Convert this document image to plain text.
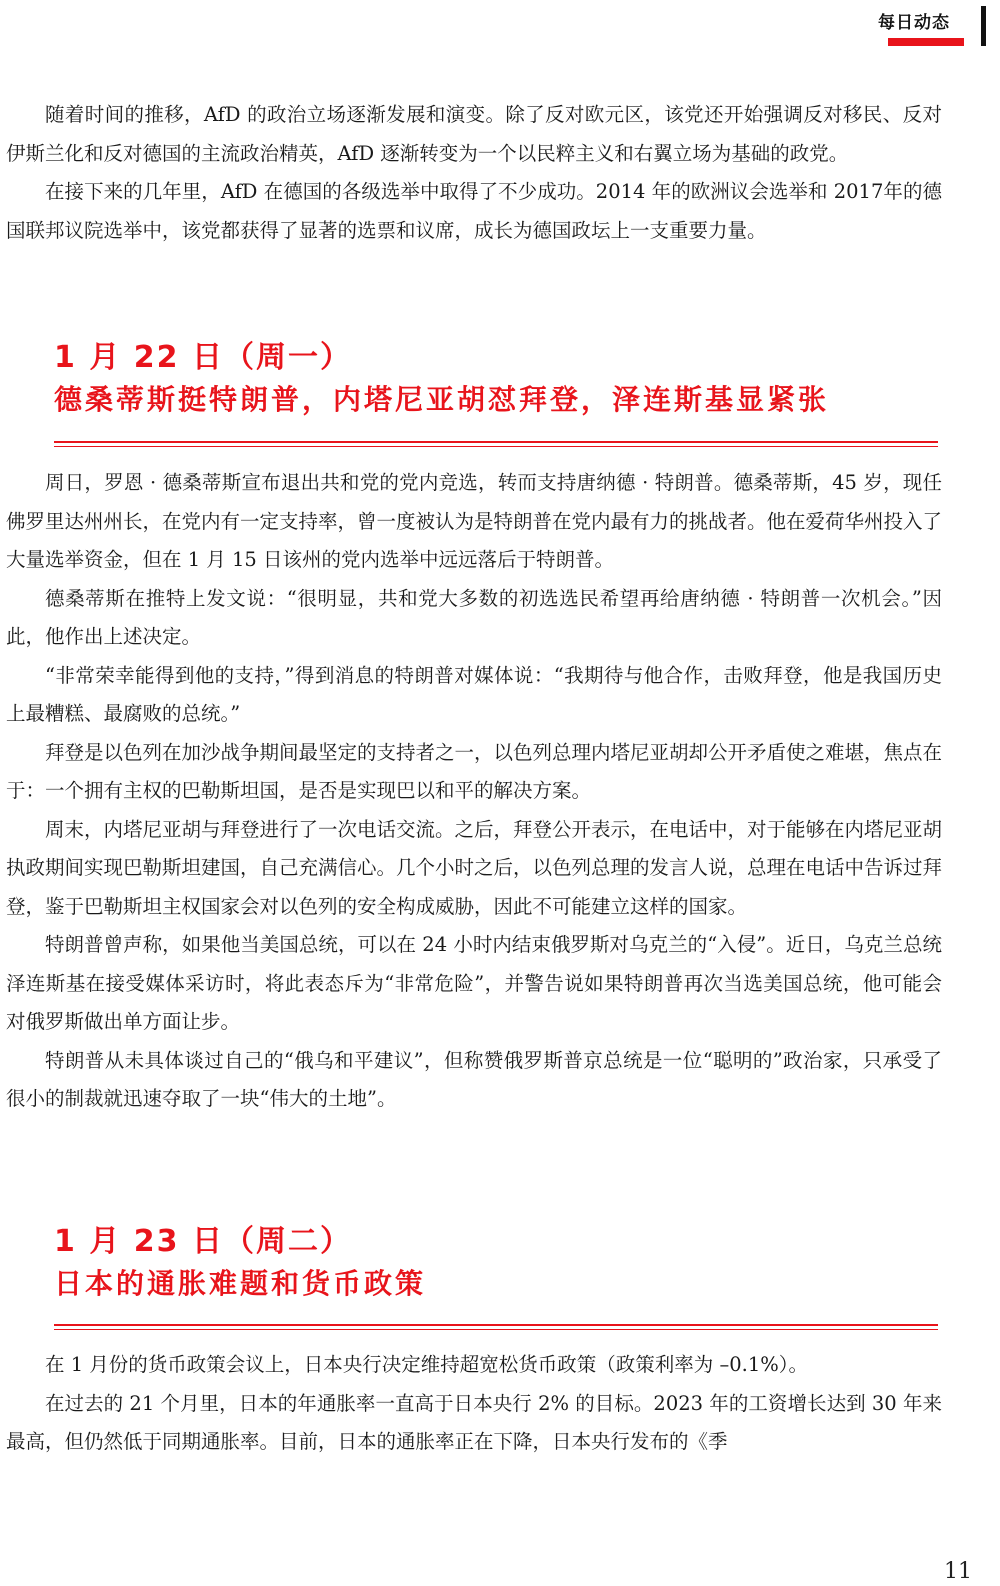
每日动态

随着时间的推移，AfD 的政治立场逐渐发展和演变。除了反对欧元区，该党还开始强调反对移民、反对伊斯兰化和反对德国的主流政治精英，AfD 逐渐转变为一个以民粹主义和右翼立场为基础的政党。

在接下来的几年里，AfD 在德国的各级选举中取得了不少成功。2014 年的欧洲议会选举和 2017年的德国联邦议院选举中，该党都获得了显著的选票和议席，成长为德国政坛上一支重要力量。

1 月 22 日（周一）
德桑蒂斯挺特朗普，内塔尼亚胡怼拜登，泽连斯基显紧张

周日，罗恩 · 德桑蒂斯宣布退出共和党的党内竞选，转而支持唐纳德 · 特朗普。德桑蒂斯，45 岁，现任佛罗里达州州长，在党内有一定支持率，曾一度被认为是特朗普在党内最有力的挑战者。他在爱荷华州投入了大量选举资金，但在 1 月 15 日该州的党内选举中远远落后于特朗普。

德桑蒂斯在推特上发文说：“很明显，共和党大多数的初选选民希望再给唐纳德 · 特朗普一次机会。”因此，他作出上述决定。

“非常荣幸能得到他的支持，”得到消息的特朗普对媒体说：“我期待与他合作，击败拜登，他是我国历史上最糟糕、最腐败的总统。”

拜登是以色列在加沙战争期间最坚定的支持者之一，以色列总理内塔尼亚胡却公开矛盾使之难堪，焦点在于：一个拥有主权的巴勒斯坦国，是否是实现巴以和平的解决方案。

周末，内塔尼亚胡与拜登进行了一次电话交流。之后，拜登公开表示，在电话中，对于能够在内塔尼亚胡执政期间实现巴勒斯坦建国，自己充满信心。几个小时之后，以色列总理的发言人说，总理在电话中告诉过拜登，鉴于巴勒斯坦主权国家会对以色列的安全构成威胁，因此不可能建立这样的国家。

特朗普曾声称，如果他当美国总统，可以在 24 小时内结束俄罗斯对乌克兰的“入侵”。近日，乌克兰总统泽连斯基在接受媒体采访时，将此表态斥为“非常危险”，并警告说如果特朗普再次当选美国总统，他可能会对俄罗斯做出单方面让步。

特朗普从未具体谈过自己的“俄乌和平建议”，但称赞俄罗斯普京总统是一位“聪明的”政治家，只承受了很小的制裁就迅速夺取了一块“伟大的土地”。

1 月 23 日（周二）
日本的通胀难题和货币政策

在 1 月份的货币政策会议上，日本央行决定维持超宽松货币政策（政策利率为 –0.1%）。

在过去的 21 个月里，日本的年通胀率一直高于日本央行 2% 的目标。2023 年的工资增长达到 30 年来最高，但仍然低于同期通胀率。目前，日本的通胀率正在下降，日本央行发布的《季

11
